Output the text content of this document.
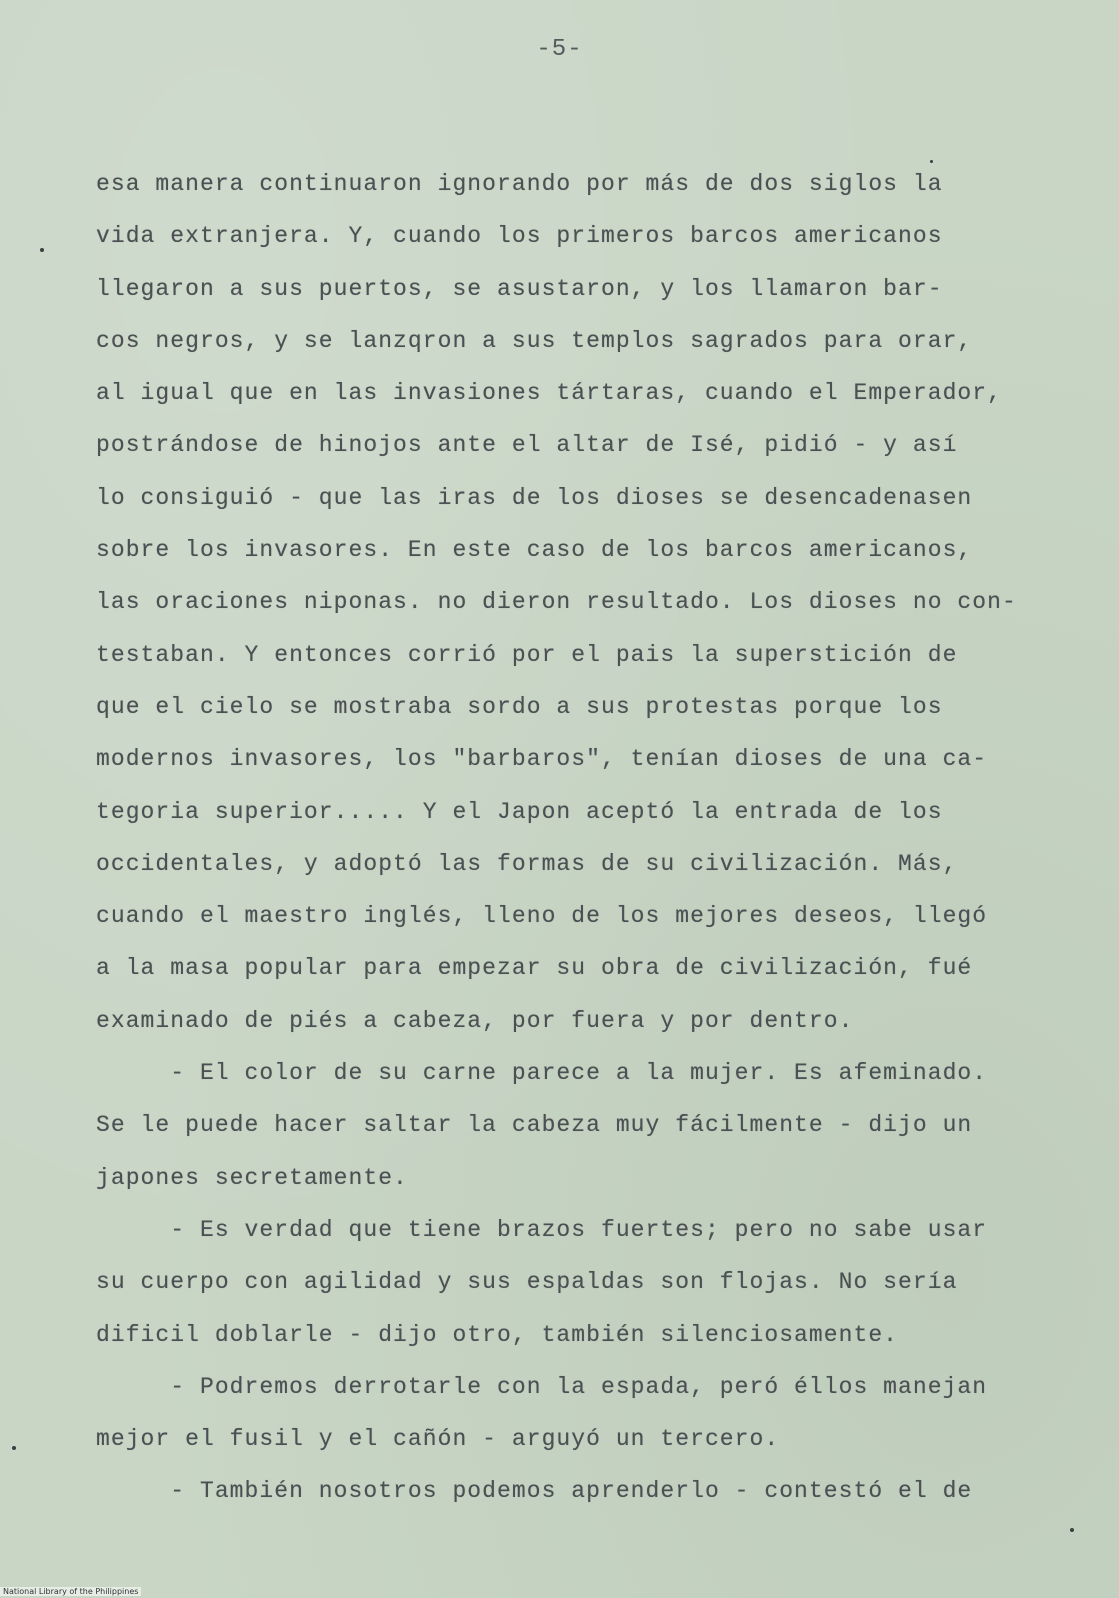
-5-

esa manera continuaron ignorando por más de dos siglos la
vida extranjera. Y, cuando los primeros barcos americanos
llegaron a sus puertos, se asustaron, y los llamaron bar-
cos negros, y se lanzqron a sus templos sagrados para orar,
al igual que en las invasiones tártaras, cuando el Emperador,
postrándose de hinojos ante el altar de Isé, pidió - y así
lo consiguió - que las iras de los dioses se desencadenasen
sobre los invasores. En este caso de los barcos americanos,
las oraciones niponas. no dieron resultado. Los dioses no con-
testaban. Y entonces corrió por el pais la superstición de
que el cielo se mostraba sordo a sus protestas porque los
modernos invasores, los "barbaros", tenían dioses de una ca-
tegoria superior..... Y el Japon aceptó la entrada de los
occidentales, y adoptó las formas de su civilización. Más,
cuando el maestro inglés, lleno de los mejores deseos, llegó
a la masa popular para empezar su obra de civilización, fué
examinado de piés a cabeza, por fuera y por dentro.
- El color de su carne parece a la mujer. Es afeminado.
Se le puede hacer saltar la cabeza muy fácilmente - dijo un
japones secretamente.
- Es verdad que tiene brazos fuertes; pero no sabe usar
su cuerpo con agilidad y sus espaldas son flojas. No sería
dificil doblarle - dijo otro, también silenciosamente.
- Podremos derrotarle con la espada, peró éllos manejan
mejor el fusil y el cañón - arguyó un tercero.
- También nosotros podemos aprenderlo - contestó el de
National Library of the Philippines
